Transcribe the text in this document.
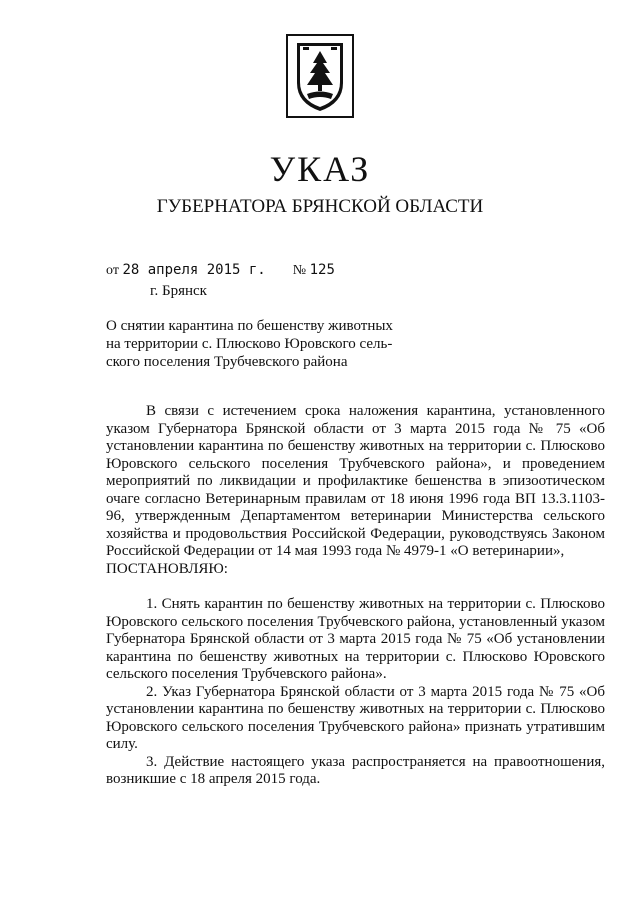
УКАЗ
ГУБЕРНАТОРА БРЯНСКОЙ ОБЛАСТИ
от 28 апреля 2015 г. № 125
г. Брянск
О снятии карантина по бешенству животных
на территории с. Плюсково Юровского сель-
ского поселения Трубчевского района

В связи с истечением срока наложения карантина, установленного указом Губернатора Брянской области от 3 марта 2015 года № 75 «Об установлении карантина по бешенству животных на территории с. Плюсково Юровского сельского поселения Трубчевского района», и проведением мероприятий по ликвидации и профилактике бешенства в эпизоотическом очаге согласно Ветеринарным правилам от 18 июня 1996 года ВП 13.3.1103-96, утвержденным Департаментом ветеринарии Министерства сельского хозяйства и продовольствия Российской Федерации, руководствуясь Законом Российской Федерации от 14 мая 1993 года № 4979-1 «О ветеринарии»,

ПОСТАНОВЛЯЮ:

1. Снять карантин по бешенству животных на территории с. Плюсково Юровского сельского поселения Трубчевского района, установленный указом Губернатора Брянской области от 3 марта 2015 года № 75 «Об установлении карантина по бешенству животных на территории с. Плюсково Юровского сельского поселения Трубчевского района».

2. Указ Губернатора Брянской области от 3 марта 2015 года № 75 «Об установлении карантина по бешенству животных на территории с. Плюсково Юровского сельского поселения Трубчевского района» признать утратившим силу.

3. Действие настоящего указа распространяется на правоотношения, возникшие с 18 апреля 2015 года.
